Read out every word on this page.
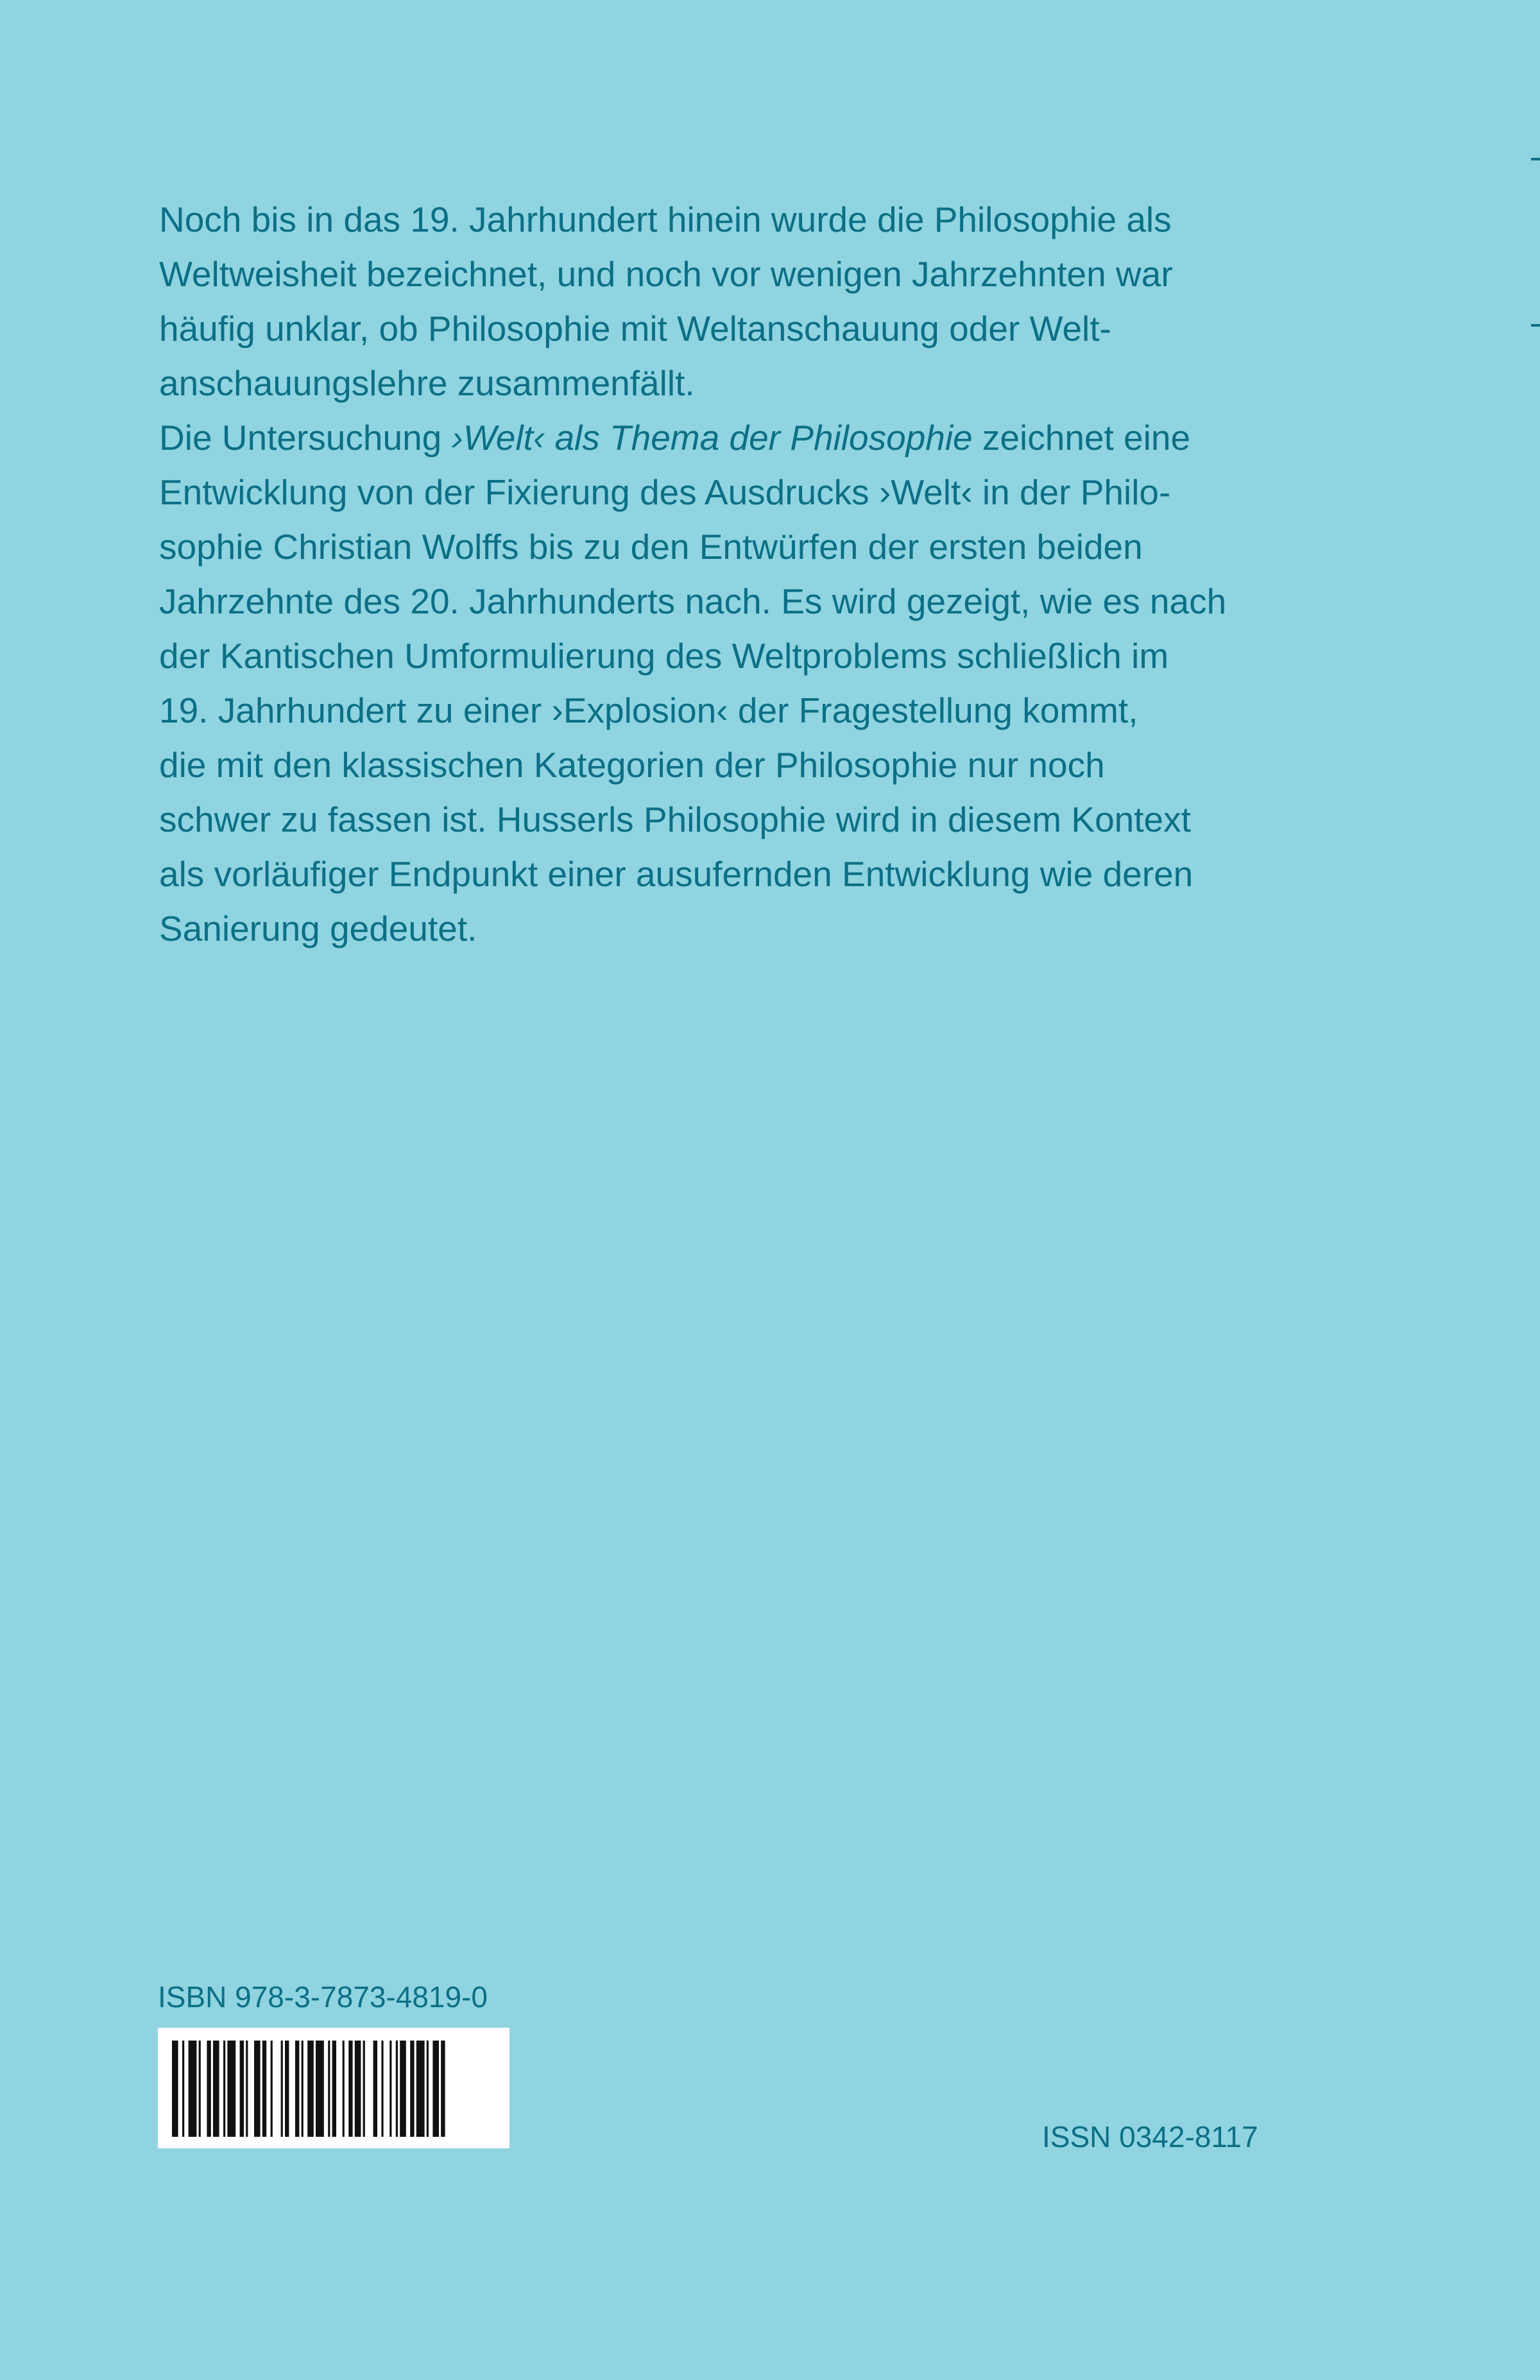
Noch bis in das 19. Jahrhundert hinein wurde die Philosophie als
Weltweisheit bezeichnet, und noch vor wenigen Jahrzehnten war
häufig unklar, ob Philosophie mit Weltanschauung oder Welt-
anschauungslehre zusammenfällt.
Die Untersuchung ›Welt‹ als Thema der Philosophie zeichnet eine
Entwicklung von der Fixierung des Ausdrucks ›Welt‹ in der Philo-
sophie Christian Wolffs bis zu den Entwürfen der ersten beiden
Jahrzehnte des 20. Jahrhunderts nach. Es wird gezeigt, wie es nach
der Kantischen Umformulierung des Weltproblems schließlich im
19. Jahrhundert zu einer ›Explosion‹ der Fragestellung kommt,
die mit den klassischen Kategorien der Philosophie nur noch
schwer zu fassen ist. Husserls Philosophie wird in diesem Kontext
als vorläufiger Endpunkt einer ausufernden Entwicklung wie deren
Sanierung gedeutet.
ISBN 978-3-7873-4819-0
ISSN 0342-8117
